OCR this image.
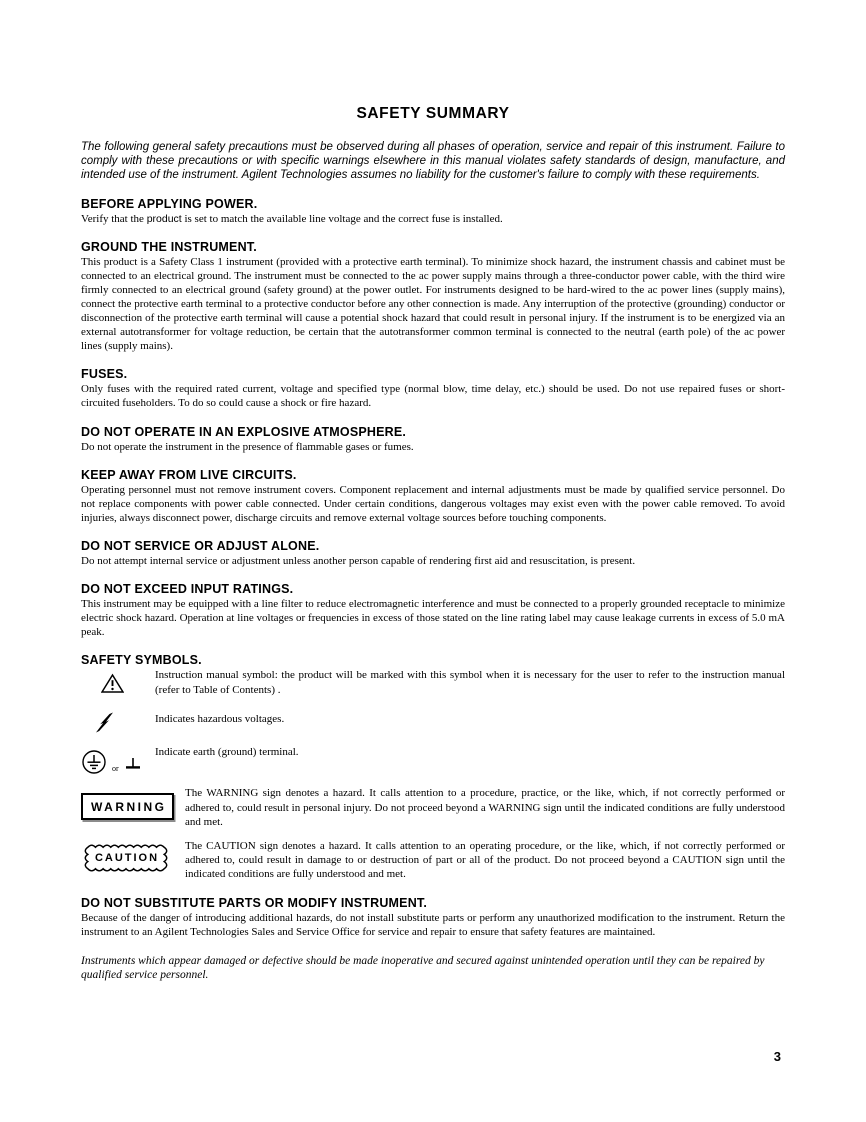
SAFETY SUMMARY

The following general safety precautions must be observed during all phases of operation, service and repair of this instrument. Failure to comply with these precautions or with specific warnings elsewhere in this manual violates safety standards of design, manufacture, and intended use of the instrument. Agilent Technologies assumes no liability for the customer's failure to comply with these requirements.

BEFORE APPLYING POWER.

Verify that the product is set to match the available line voltage and the correct fuse is installed.

GROUND THE INSTRUMENT.

This product is a Safety Class 1 instrument (provided with a protective earth terminal). To minimize shock hazard, the instrument chassis and cabinet must be connected to an electrical ground. The instrument must be connected to the ac power supply mains through a three-conductor power cable, with the third wire firmly connected to an electrical ground (safety ground) at the power outlet. For instruments designed to be hard-wired to the ac power lines (supply mains), connect the protective earth terminal to a protective conductor before any other connection is made. Any interruption of the protective (grounding) conductor or disconnection of the protective earth terminal will cause a potential shock hazard that could result in personal injury. If the instrument is to be energized via an external autotransformer for voltage reduction, be certain that the autotransformer common terminal is connected to the neutral (earth pole) of the ac power lines (supply mains).

FUSES.

Only fuses with the required rated current, voltage and specified type (normal blow, time delay, etc.) should be used. Do not use repaired fuses or short-circuited fuseholders. To do so could cause a shock or fire hazard.

DO NOT OPERATE IN AN EXPLOSIVE ATMOSPHERE.

Do not operate the instrument in the presence of flammable gases or fumes.

KEEP AWAY FROM LIVE CIRCUITS.

Operating personnel must not remove instrument covers. Component replacement and internal adjustments must be made by qualified service personnel. Do not replace components with power cable connected. Under certain conditions, dangerous voltages may exist even with the power cable removed. To avoid injuries, always disconnect power, discharge circuits and remove external voltage sources before touching components.

DO NOT SERVICE OR ADJUST ALONE.

Do not attempt internal service or adjustment unless another person capable of rendering first aid and resuscitation, is present.

DO NOT EXCEED INPUT RATINGS.

This instrument may be equipped with a line filter to reduce electromagnetic interference and must be connected to a properly grounded receptacle to minimize electric shock hazard. Operation at line voltages or frequencies in excess of those stated on the line rating label may cause leakage currents in excess of 5.0 mA peak.

SAFETY SYMBOLS.
Instruction manual symbol: the product will be marked with this symbol when it is necessary for the user to refer to the instruction manual (refer to Table of Contents) .
Indicates hazardous voltages.
or
Indicate earth (ground) terminal.
WARNING
The WARNING sign denotes a hazard. It calls attention to a procedure, practice, or the like, which, if not correctly performed or adhered to, could result in personal injury. Do not proceed beyond a WARNING sign until the indicated conditions are fully understood and met.
CAUTION
The CAUTION sign denotes a hazard. It calls attention to an operating procedure, or the like, which, if not correctly performed or adhered to, could result in damage to or destruction of part or all of the product. Do not proceed beyond a CAUTION sign until the indicated conditions are fully understood and met.
DO NOT SUBSTITUTE PARTS OR MODIFY INSTRUMENT.

Because of the danger of introducing additional hazards, do not install substitute parts or perform any unauthorized modification to the instrument. Return the instrument to an Agilent Technologies Sales and Service Office for service and repair to ensure that safety features are maintained.

Instruments which appear damaged or defective should be made inoperative and secured against unintended operation until they can be repaired by qualified service personnel.

3
